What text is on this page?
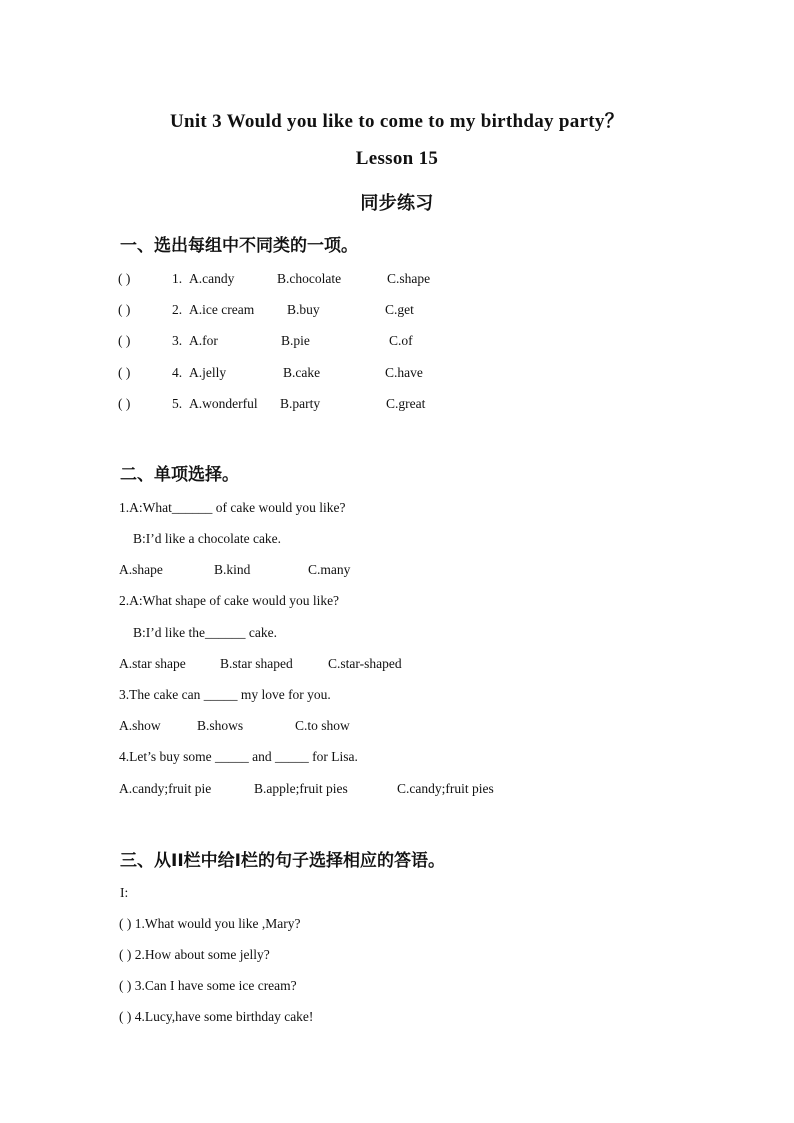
Unit 3 Would you like to come to my birthday party？
Lesson 15
同步练习
一、选出每组中不同类的一项。
( )	1. A.candy	B.chocolate	C.shape
( )	2. A.ice cream B.buy	C.get
( )	3. A.for	B.pie	C.of
( )	4. A.jelly	B.cake	C.have
( )	5. A.wonderful B.party	C.great
二、单项选择。
1.A:What______ of cake would you like?
B:I’d like a chocolate cake.
A.shape	B.kind	C.many
2.A:What shape of cake would you like?
B:I’d like the______ cake.
A.star shape	B.star shaped	C.star-shaped
3.The cake can _____ my love for you.
A.show	B.shows	C.to show
4.Let’s buy some _____ and _____ for Lisa.
A.candy;fruit pie	B.apple;fruit pies	C.candy;fruit pies
三、从II栏中给I栏的句子选择相应的答语。
I:
( ) 1.What would you like ,Mary?
( ) 2.How about some jelly?
( ) 3.Can I have some ice cream?
( ) 4.Lucy,have some birthday cake!
